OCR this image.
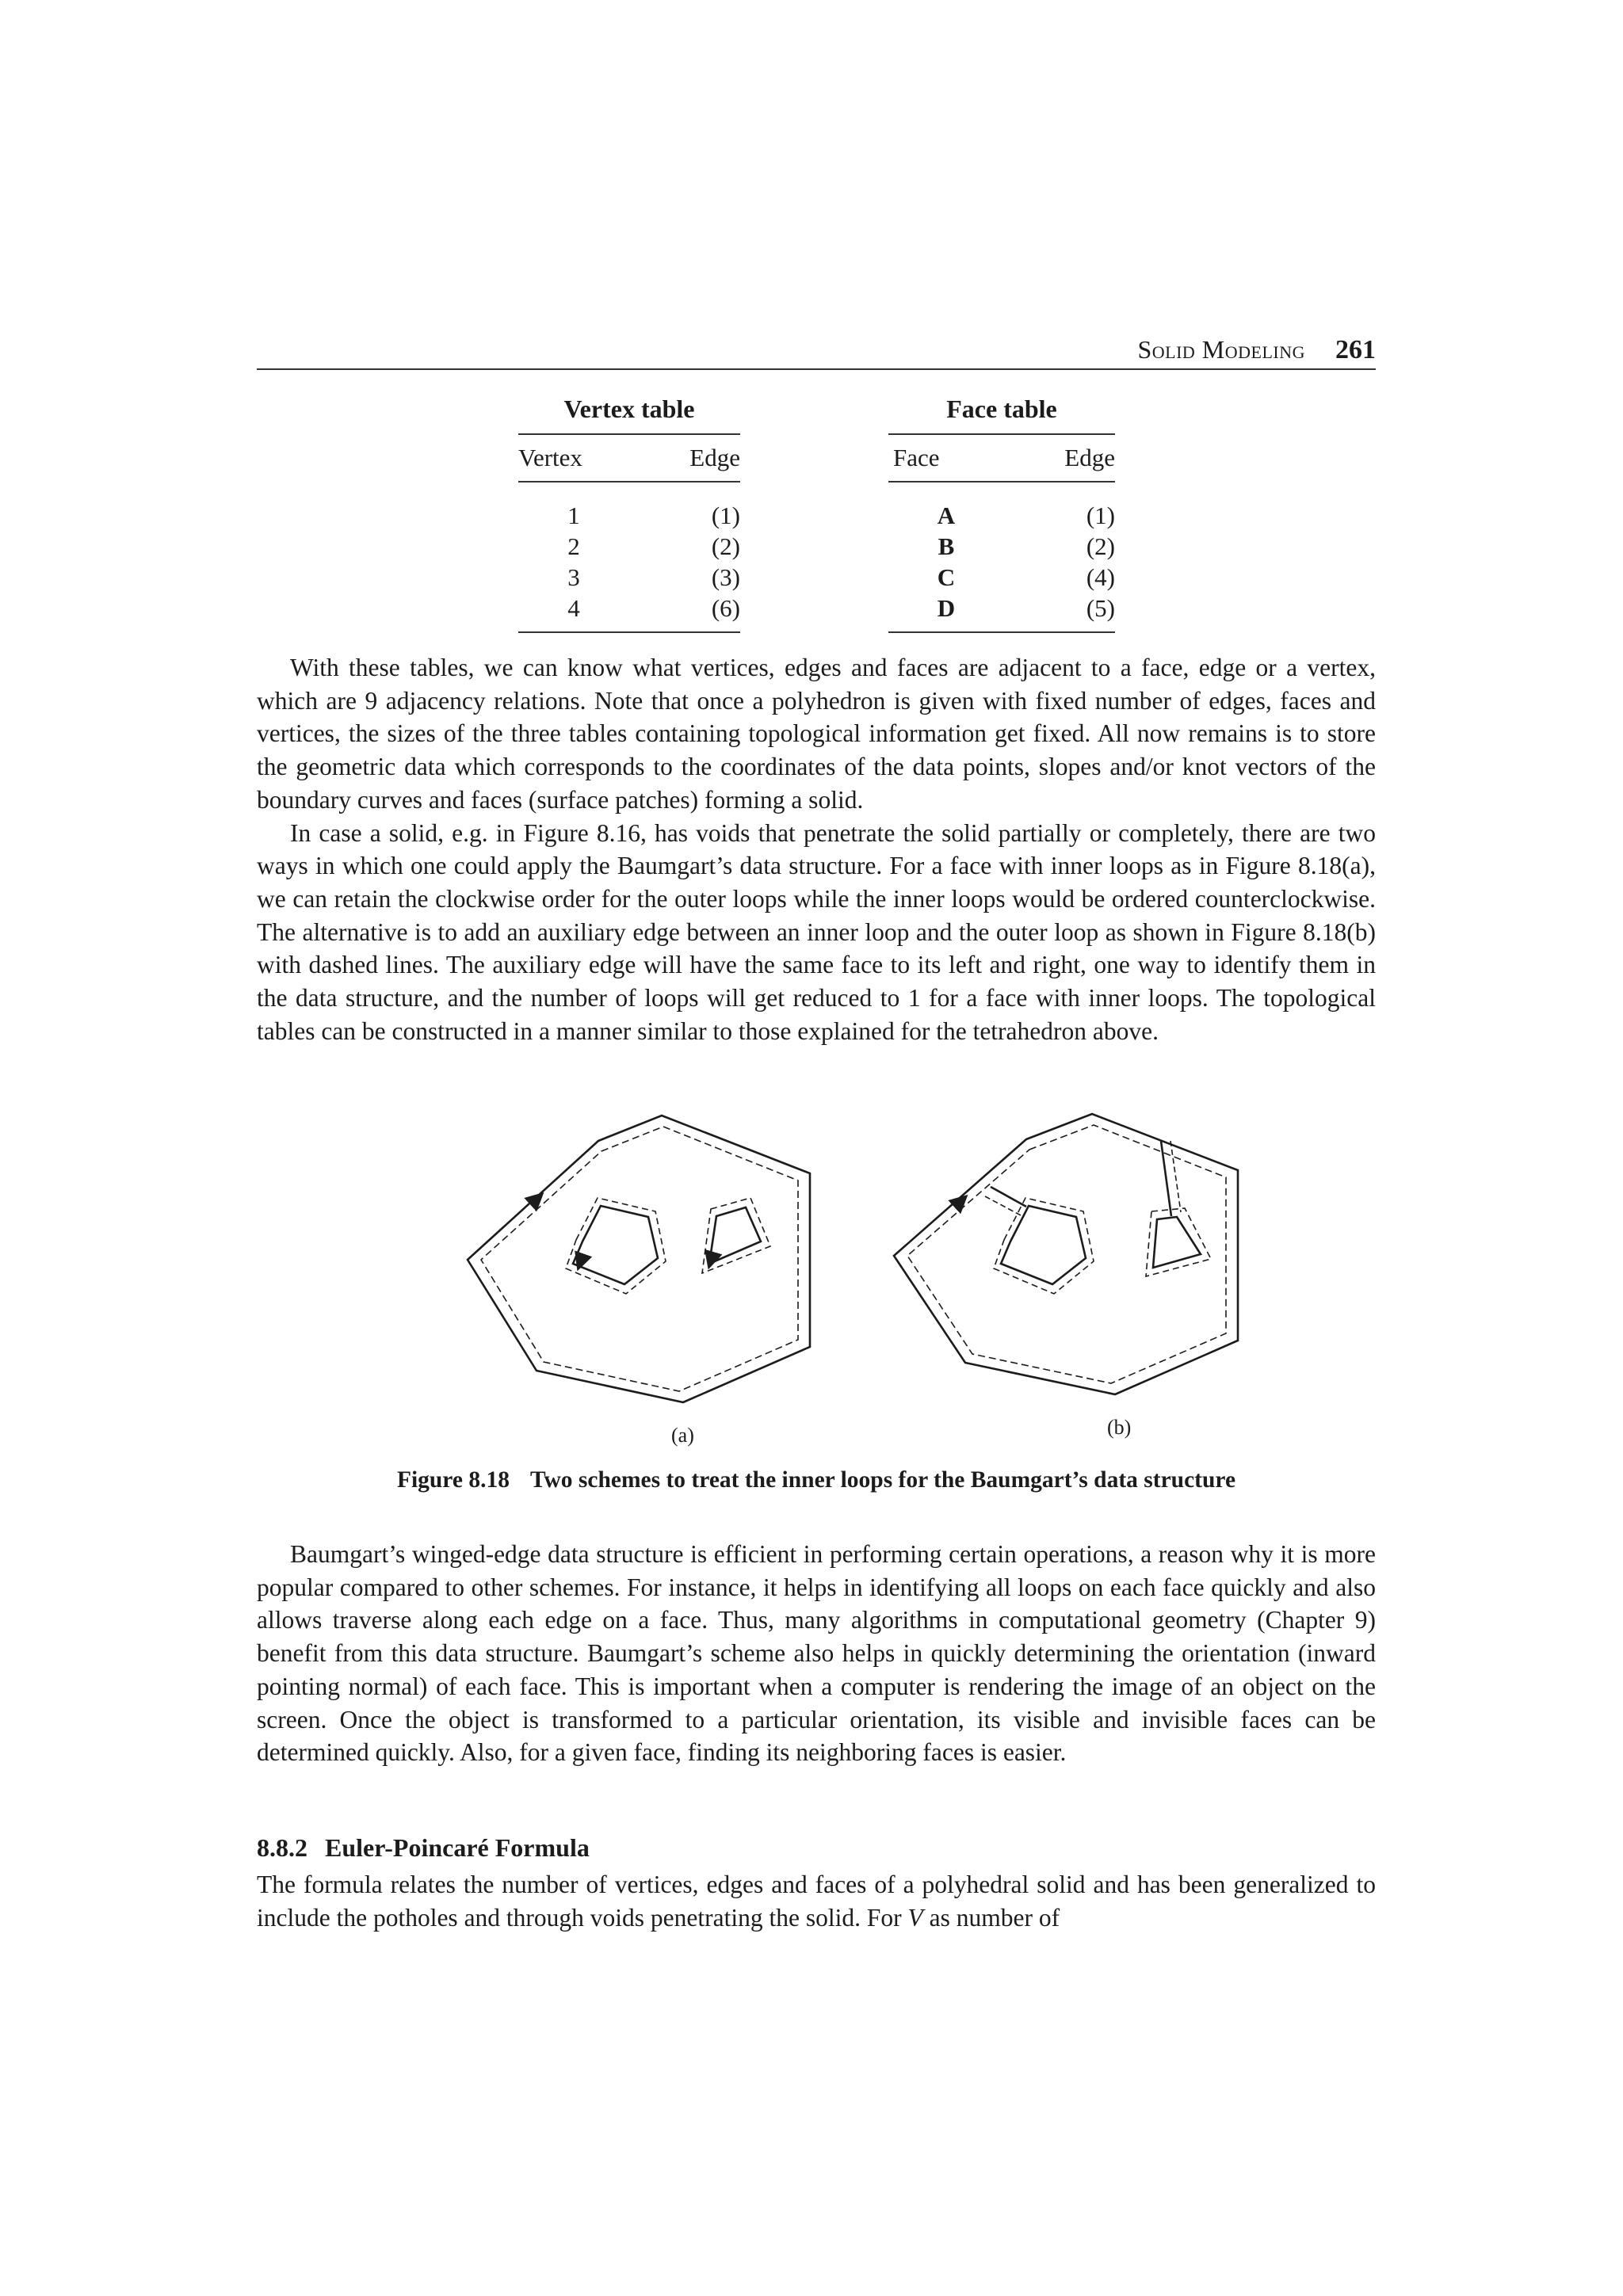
Solid Modeling 261
Vertex table
Vertex	Edge
1	(1)
2	(2)
3	(3)
4	(6)
Face table
Face	Edge
A	(1)
B	(2)
C	(4)
D	(5)

With these tables, we can know what vertices, edges and faces are adjacent to a face, edge or a vertex, which are 9 adjacency relations. Note that once a polyhedron is given with fixed number of edges, faces and vertices, the sizes of the three tables containing topological information get fixed. All now remains is to store the geometric data which corresponds to the coordinates of the data points, slopes and/or knot vectors of the boundary curves and faces (surface patches) forming a solid.

In case a solid, e.g. in Figure 8.16, has voids that penetrate the solid partially or completely, there are two ways in which one could apply the Baumgart’s data structure. For a face with inner loops as in Figure 8.18(a), we can retain the clockwise order for the outer loops while the inner loops would be ordered counterclockwise. The alternative is to add an auxiliary edge between an inner loop and the outer loop as shown in Figure 8.18(b) with dashed lines. The auxiliary edge will have the same face to its left and right, one way to identify them in the data structure, and the number of loops will get reduced to 1 for a face with inner loops. The topological tables can be constructed in a manner similar to those explained for the tetrahedron above.

(a)	(b)
Figure 8.18 Two schemes to treat the inner loops for the Baumgart’s data structure

Baumgart’s winged-edge data structure is efficient in performing certain operations, a reason why it is more popular compared to other schemes. For instance, it helps in identifying all loops on each face quickly and also allows traverse along each edge on a face. Thus, many algorithms in computational geometry (Chapter 9) benefit from this data structure. Baumgart’s scheme also helps in quickly determining the orientation (inward pointing normal) of each face. This is important when a computer is rendering the image of an object on the screen. Once the object is transformed to a particular orientation, its visible and invisible faces can be determined quickly. Also, for a given face, finding its neighboring faces is easier.

8.8.2 Euler-Poincaré Formula

The formula relates the number of vertices, edges and faces of a polyhedral solid and has been generalized to include the potholes and through voids penetrating the solid. For V as number of
